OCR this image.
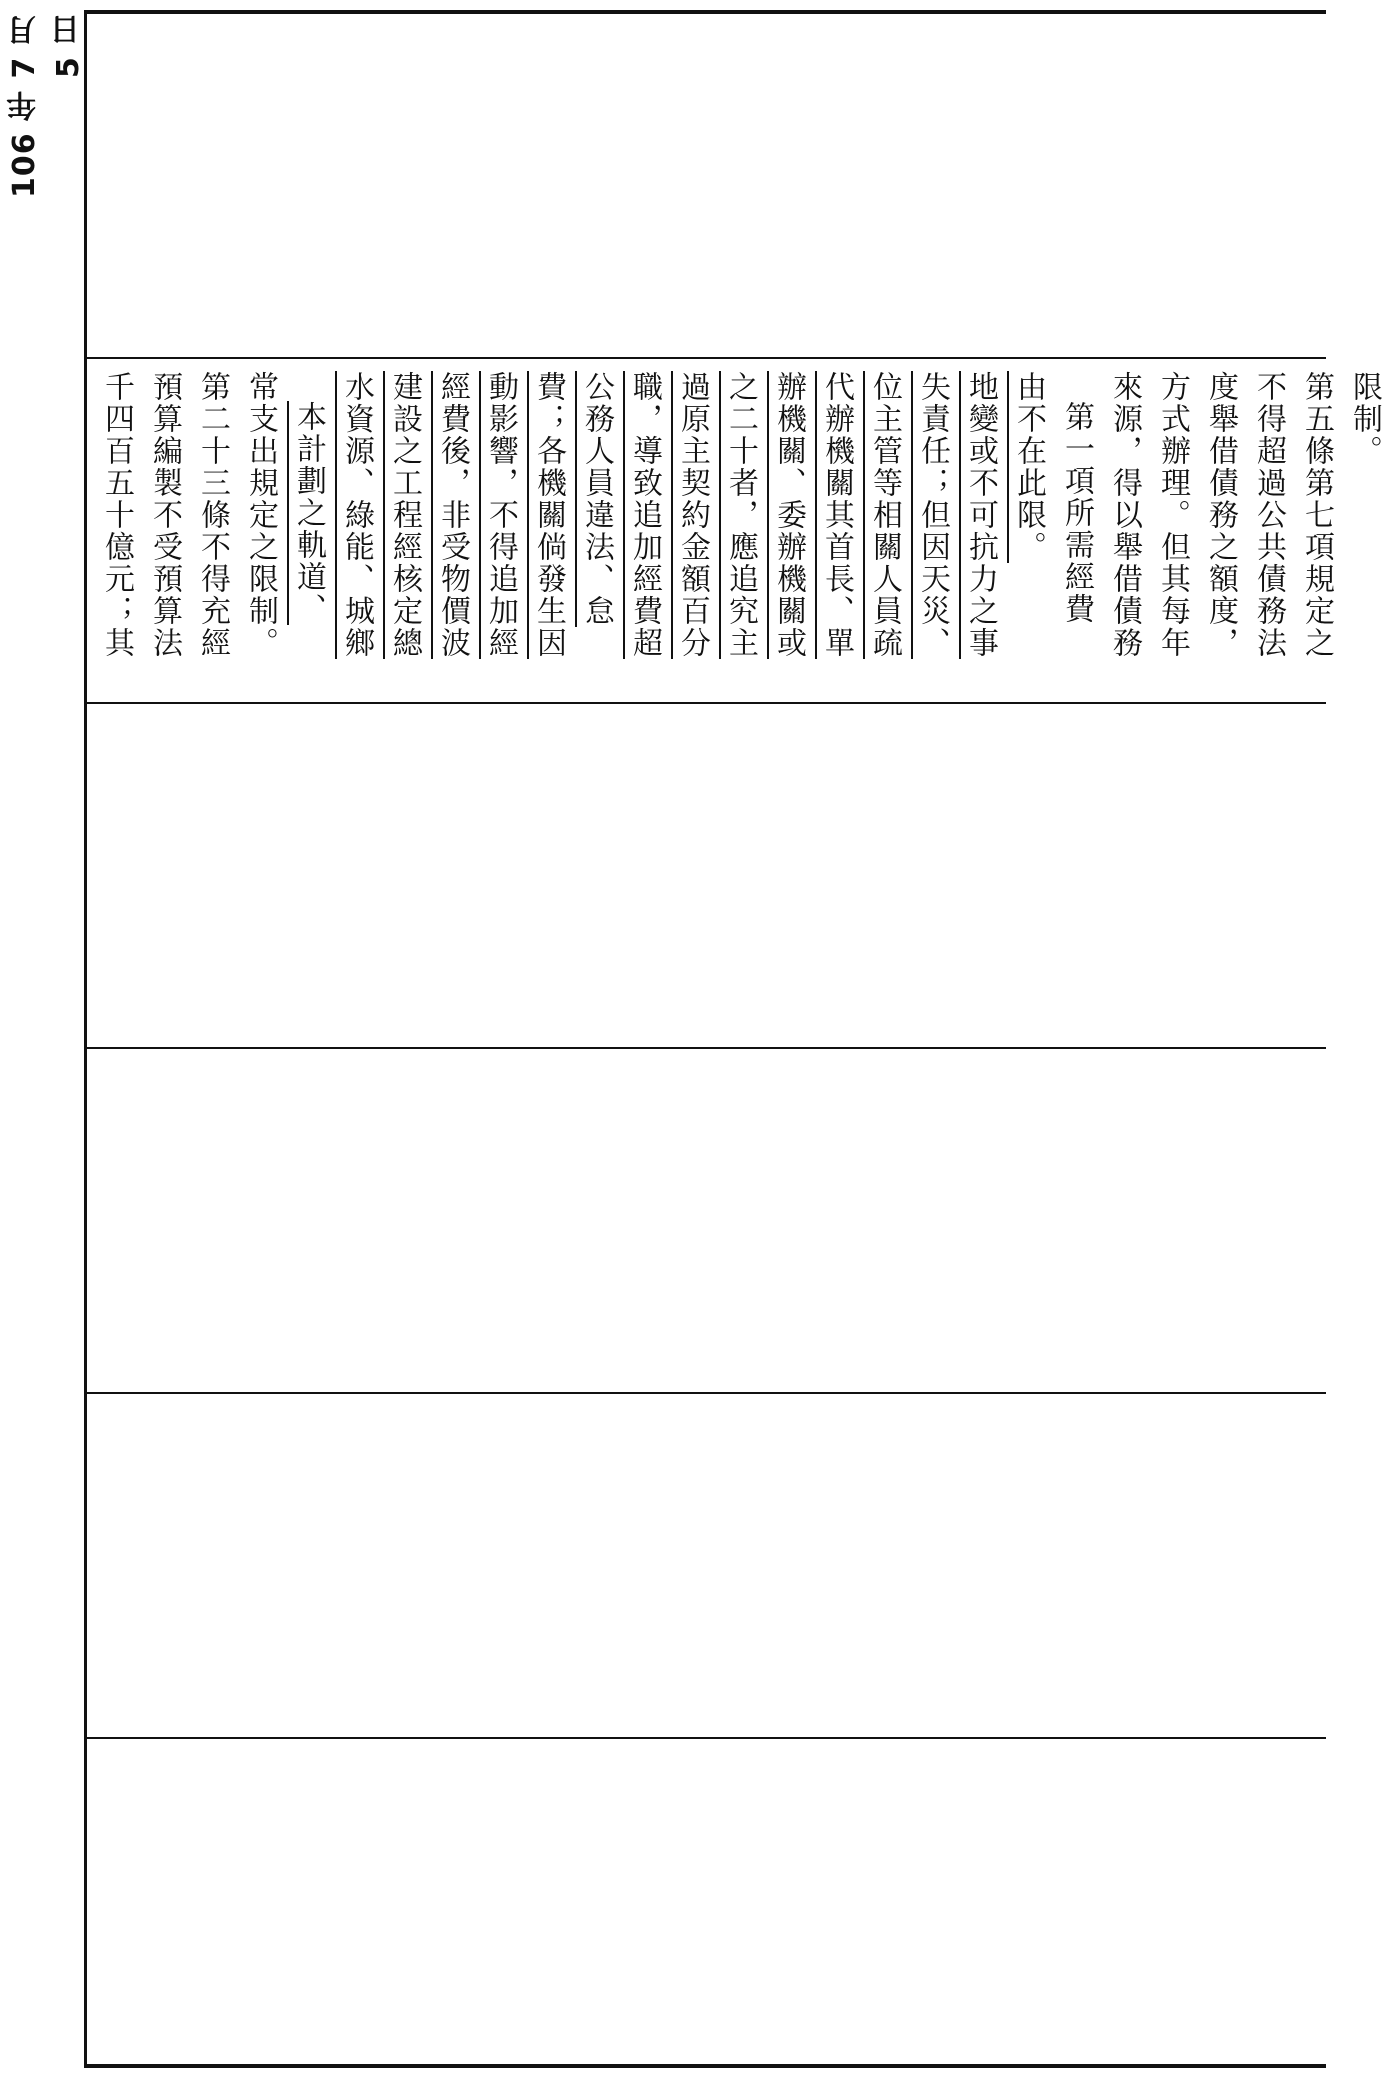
106 年 7 月 5 日
千四百五十億元；其 預算編製不受預算法 第二十三條不得充經 常支出規定之限制。 本計劃之軌道、 水資源、綠能、城鄉 建設之工程經核定總 經費後，非受物價波 動影響，不得追加經 費；各機關倘發生因 公務人員違法、怠 職，導致追加經費超 過原主契約金額百分 之二十者，應追究主 辦機關、委辦機關或 代辦機關其首長、單 位主管等相關人員疏 失責任；但因天災、 地變或不可抗力之事 由不在此限。 第一項所需經費 來源，得以舉借債務 方式辦理。但其每年 度舉借債務之額度， 不得超過公共債務法 第五條第七項規定之 限制。
